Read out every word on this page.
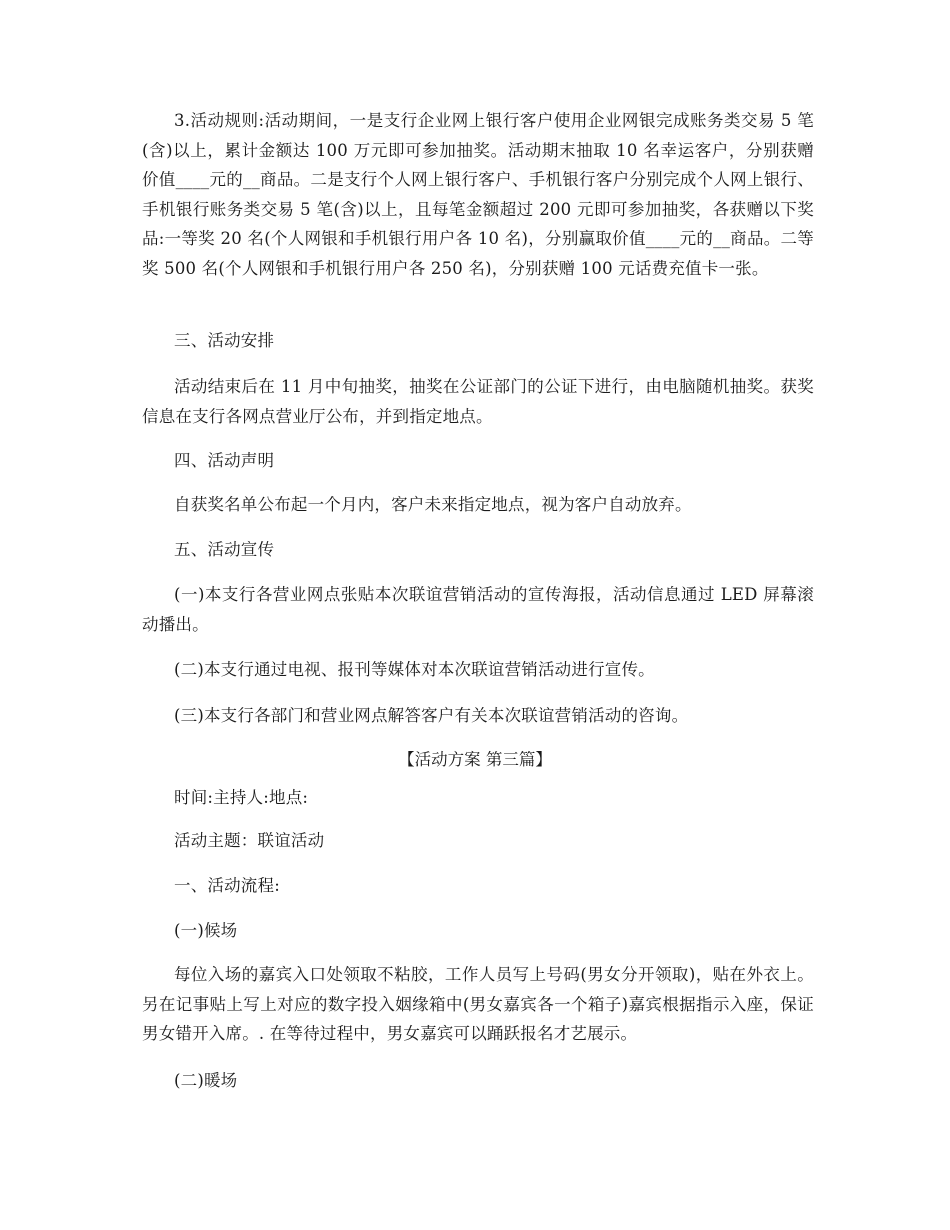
3.活动规则:活动期间，一是支行企业网上银行客户使用企业网银完成账务类交易 5 笔(含)以上，累计金额达 100 万元即可参加抽奖。活动期末抽取 10 名幸运客户，分别获赠价值____元的__商品。二是支行个人网上银行客户、手机银行客户分别完成个人网上银行、手机银行账务类交易 5 笔(含)以上，且每笔金额超过 200 元即可参加抽奖，各获赠以下奖品:一等奖 20 名(个人网银和手机银行用户各 10 名)，分别赢取价值____元的__商品。二等奖 500 名(个人网银和手机银行用户各 250 名)，分别获赠 100 元话费充值卡一张。

三、活动安排

活动结束后在 11 月中旬抽奖，抽奖在公证部门的公证下进行，由电脑随机抽奖。获奖信息在支行各网点营业厅公布，并到指定地点。

四、活动声明

自获奖名单公布起一个月内，客户未来指定地点，视为客户自动放弃。

五、活动宣传

(一)本支行各营业网点张贴本次联谊营销活动的宣传海报，活动信息通过 LED 屏幕滚动播出。

(二)本支行通过电视、报刊等媒体对本次联谊营销活动进行宣传。

(三)本支行各部门和营业网点解答客户有关本次联谊营销活动的咨询。

【活动方案 第三篇】

时间:主持人:地点:

活动主题：联谊活动

一、活动流程:

(一)候场

每位入场的嘉宾入口处领取不粘胶，工作人员写上号码(男女分开领取)，贴在外衣上。另在记事贴上写上对应的数字投入姻缘箱中(男女嘉宾各一个箱子)嘉宾根据指示入座，保证男女错开入席。. 在等待过程中，男女嘉宾可以踊跃报名才艺展示。

(二)暖场
